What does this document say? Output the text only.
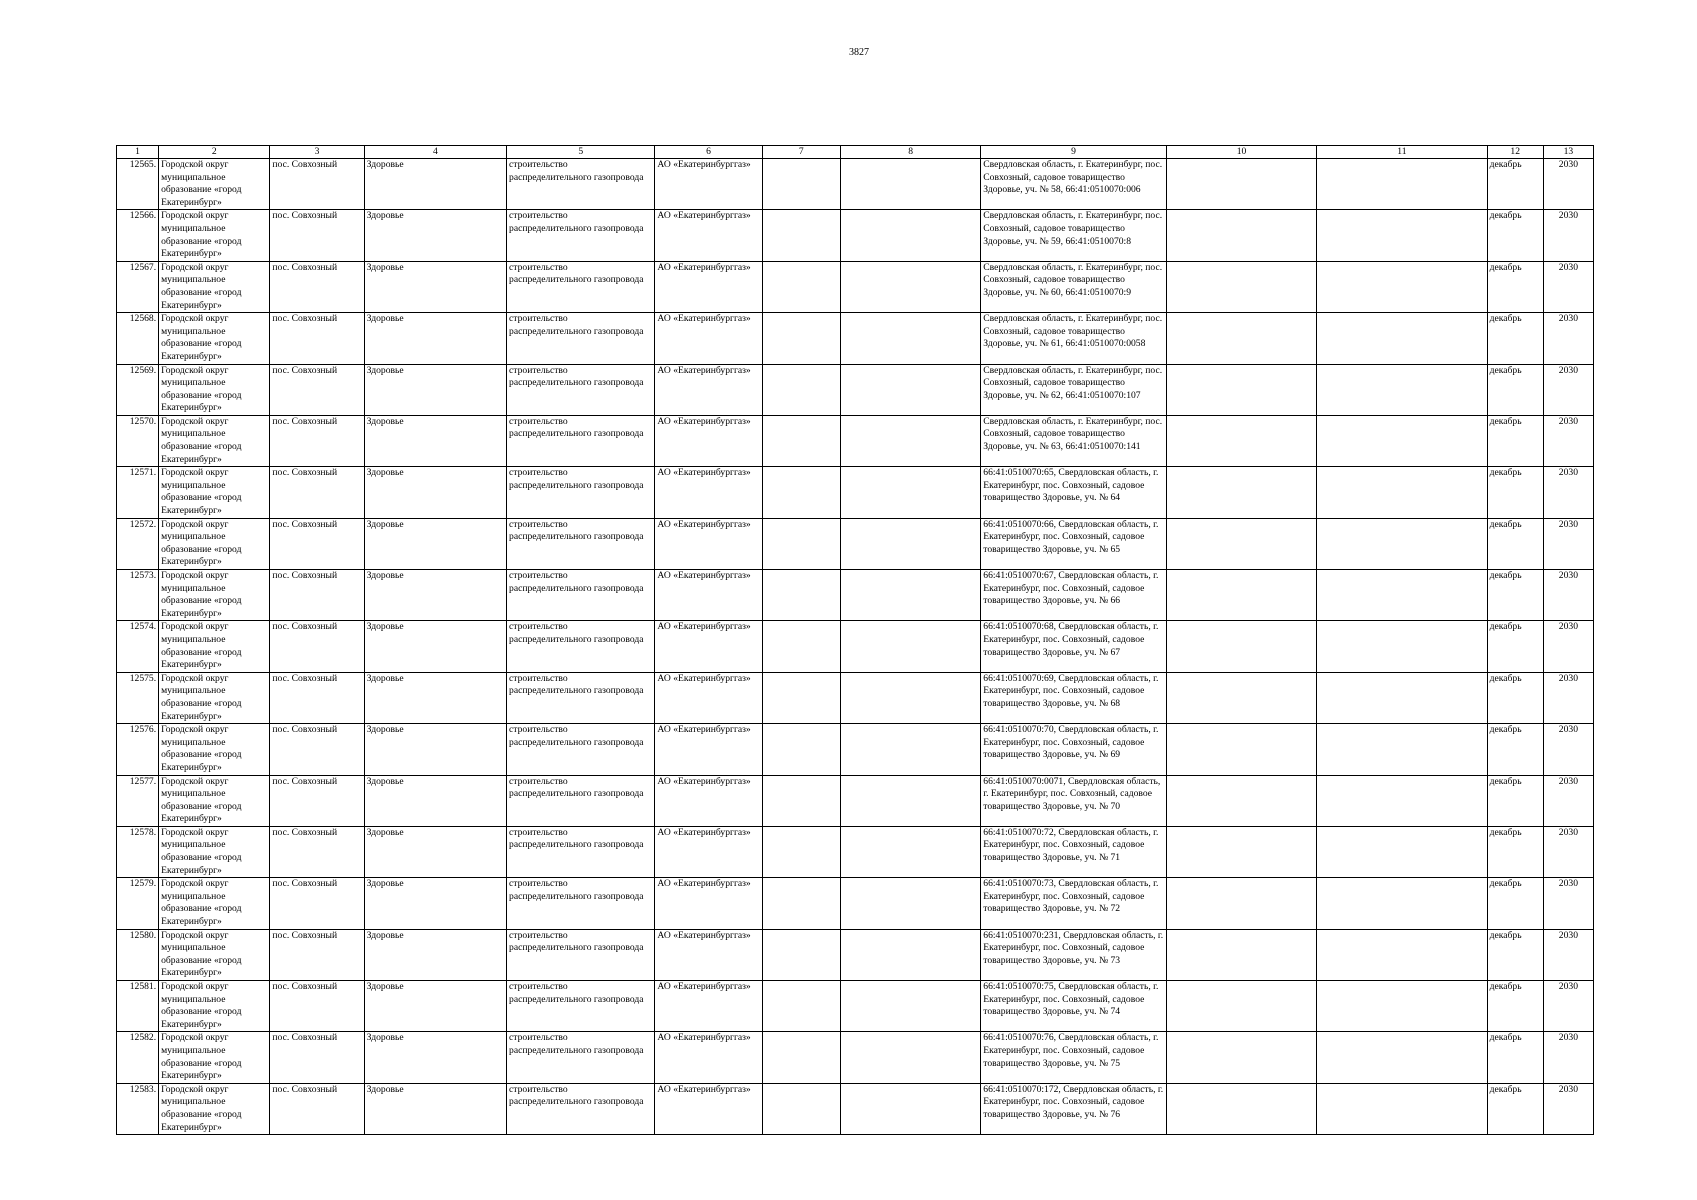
3827
1	2	3	4	5	6	7	8	9	10	11	12	13
12565.	Городской округ муниципальное образование «город Екатеринбург»	пос. Совхозный	Здоровье	строительство распределительного газопровода	АО «Екатеринбурггаз»			Свердловская область, г. Екатеринбург, пос. Совхозный, садовое товарищество Здоровье, уч. № 58, 66:41:0510070:006			декабрь	2030
12566.	Городской округ муниципальное образование «город Екатеринбург»	пос. Совхозный	Здоровье	строительство распределительного газопровода	АО «Екатеринбурггаз»			Свердловская область, г. Екатеринбург, пос. Совхозный, садовое товарищество Здоровье, уч. № 59, 66:41:0510070:8			декабрь	2030
12567.	Городской округ муниципальное образование «город Екатеринбург»	пос. Совхозный	Здоровье	строительство распределительного газопровода	АО «Екатеринбурггаз»			Свердловская область, г. Екатеринбург, пос. Совхозный, садовое товарищество Здоровье, уч. № 60, 66:41:0510070:9			декабрь	2030
12568.	Городской округ муниципальное образование «город Екатеринбург»	пос. Совхозный	Здоровье	строительство распределительного газопровода	АО «Екатеринбурггаз»			Свердловская область, г. Екатеринбург, пос. Совхозный, садовое товарищество Здоровье, уч. № 61, 66:41:0510070:0058			декабрь	2030
12569.	Городской округ муниципальное образование «город Екатеринбург»	пос. Совхозный	Здоровье	строительство распределительного газопровода	АО «Екатеринбурггаз»			Свердловская область, г. Екатеринбург, пос. Совхозный, садовое товарищество Здоровье, уч. № 62, 66:41:0510070:107			декабрь	2030
12570.	Городской округ муниципальное образование «город Екатеринбург»	пос. Совхозный	Здоровье	строительство распределительного газопровода	АО «Екатеринбурггаз»			Свердловская область, г. Екатеринбург, пос. Совхозный, садовое товарищество Здоровье, уч. № 63, 66:41:0510070:141			декабрь	2030
12571.	Городской округ муниципальное образование «город Екатеринбург»	пос. Совхозный	Здоровье	строительство распределительного газопровода	АО «Екатеринбурггаз»			66:41:0510070:65, Свердловская область, г. Екатеринбург, пос. Совхозный, садовое товарищество Здоровье, уч. № 64			декабрь	2030
12572.	Городской округ муниципальное образование «город Екатеринбург»	пос. Совхозный	Здоровье	строительство распределительного газопровода	АО «Екатеринбурггаз»			66:41:0510070:66, Свердловская область, г. Екатеринбург, пос. Совхозный, садовое товарищество Здоровье, уч. № 65			декабрь	2030
12573.	Городской округ муниципальное образование «город Екатеринбург»	пос. Совхозный	Здоровье	строительство распределительного газопровода	АО «Екатеринбурггаз»			66:41:0510070:67, Свердловская область, г. Екатеринбург, пос. Совхозный, садовое товарищество Здоровье, уч. № 66			декабрь	2030
12574.	Городской округ муниципальное образование «город Екатеринбург»	пос. Совхозный	Здоровье	строительство распределительного газопровода	АО «Екатеринбурггаз»			66:41:0510070:68, Свердловская область, г. Екатеринбург, пос. Совхозный, садовое товарищество Здоровье, уч. № 67			декабрь	2030
12575.	Городской округ муниципальное образование «город Екатеринбург»	пос. Совхозный	Здоровье	строительство распределительного газопровода	АО «Екатеринбурггаз»			66:41:0510070:69, Свердловская область, г. Екатеринбург, пос. Совхозный, садовое товарищество Здоровье, уч. № 68			декабрь	2030
12576.	Городской округ муниципальное образование «город Екатеринбург»	пос. Совхозный	Здоровье	строительство распределительного газопровода	АО «Екатеринбурггаз»			66:41:0510070:70, Свердловская область, г. Екатеринбург, пос. Совхозный, садовое товарищество Здоровье, уч. № 69			декабрь	2030
12577.	Городской округ муниципальное образование «город Екатеринбург»	пос. Совхозный	Здоровье	строительство распределительного газопровода	АО «Екатеринбурггаз»			66:41:0510070:0071, Свердловская область, г. Екатеринбург, пос. Совхозный, садовое товарищество Здоровье, уч. № 70			декабрь	2030
12578.	Городской округ муниципальное образование «город Екатеринбург»	пос. Совхозный	Здоровье	строительство распределительного газопровода	АО «Екатеринбурггаз»			66:41:0510070:72, Свердловская область, г. Екатеринбург, пос. Совхозный, садовое товарищество Здоровье, уч. № 71			декабрь	2030
12579.	Городской округ муниципальное образование «город Екатеринбург»	пос. Совхозный	Здоровье	строительство распределительного газопровода	АО «Екатеринбурггаз»			66:41:0510070:73, Свердловская область, г. Екатеринбург, пос. Совхозный, садовое товарищество Здоровье, уч. № 72			декабрь	2030
12580.	Городской округ муниципальное образование «город Екатеринбург»	пос. Совхозный	Здоровье	строительство распределительного газопровода	АО «Екатеринбурггаз»			66:41:0510070:231, Свердловская область, г. Екатеринбург, пос. Совхозный, садовое товарищество Здоровье, уч. № 73			декабрь	2030
12581.	Городской округ муниципальное образование «город Екатеринбург»	пос. Совхозный	Здоровье	строительство распределительного газопровода	АО «Екатеринбурггаз»			66:41:0510070:75, Свердловская область, г. Екатеринбург, пос. Совхозный, садовое товарищество Здоровье, уч. № 74			декабрь	2030
12582.	Городской округ муниципальное образование «город Екатеринбург»	пос. Совхозный	Здоровье	строительство распределительного газопровода	АО «Екатеринбурггаз»			66:41:0510070:76, Свердловская область, г. Екатеринбург, пос. Совхозный, садовое товарищество Здоровье, уч. № 75			декабрь	2030
12583.	Городской округ муниципальное образование «город Екатеринбург»	пос. Совхозный	Здоровье	строительство распределительного газопровода	АО «Екатеринбурггаз»			66:41:0510070:172, Свердловская область, г. Екатеринбург, пос. Совхозный, садовое товарищество Здоровье, уч. № 76			декабрь	2030
